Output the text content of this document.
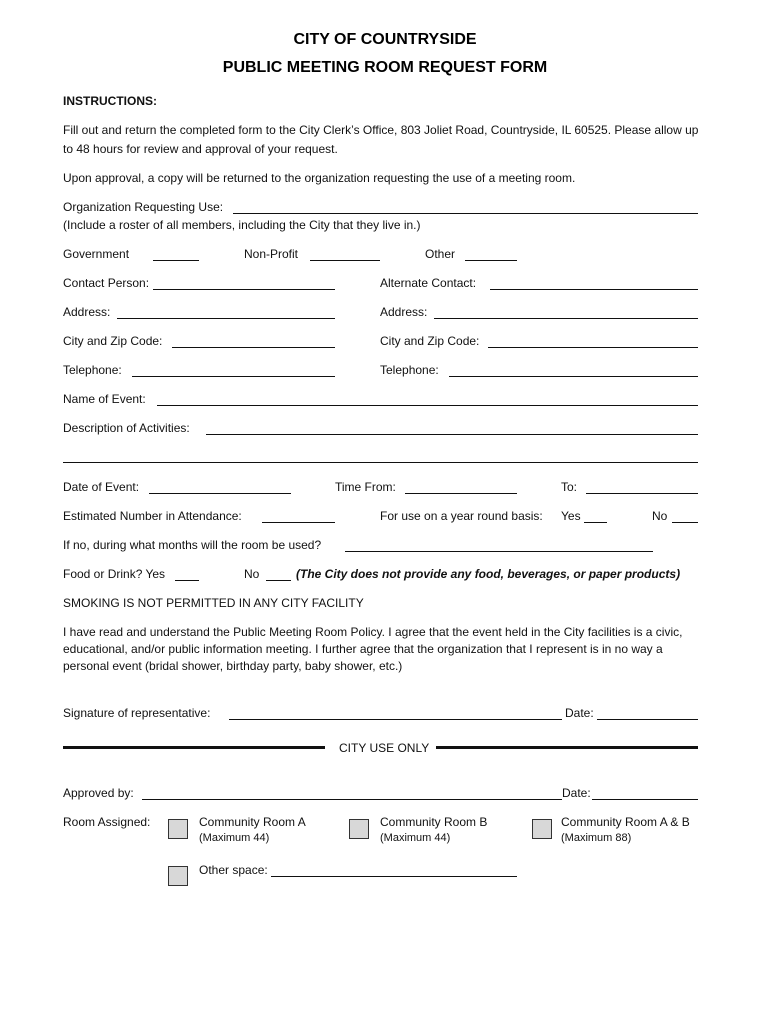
CITY OF COUNTRYSIDE
PUBLIC MEETING ROOM REQUEST FORM
INSTRUCTIONS:
Fill out and return the completed form to the City Clerk’s Office, 803 Joliet Road, Countryside, IL 60525. Please allow up to 48 hours for review and approval of your request.
Upon approval, a copy will be returned to the organization requesting the use of a meeting room.
Organization Requesting Use:
(Include a roster of all members, including the City that they live in.)
Government	Non-Profit	Other
Contact Person:	Alternate Contact:
Address:	Address:
City and Zip Code:	City and Zip Code:
Telephone:	Telephone:
Name of Event:
Description of Activities:
Date of Event:	Time From:	To:
Estimated Number in Attendance:	For use on a year round basis: Yes	No
If no, during what months will the room be used?
Food or Drink? Yes	No	(The City does not provide any food, beverages, or paper products)
SMOKING IS NOT PERMITTED IN ANY CITY FACILITY
I have read and understand the Public Meeting Room Policy. I agree that the event held in the City facilities is a civic, educational, and/or public information meeting. I further agree that the organization that I represent is in no way a personal event (bridal shower, birthday party, baby shower, etc.)
Signature of representative:	Date:
CITY USE ONLY
Approved by:	Date:
Room Assigned:	Community Room A
(Maximum 44)
Community Room B
(Maximum 44)
Community Room A & B
(Maximum 88)
Other space:
